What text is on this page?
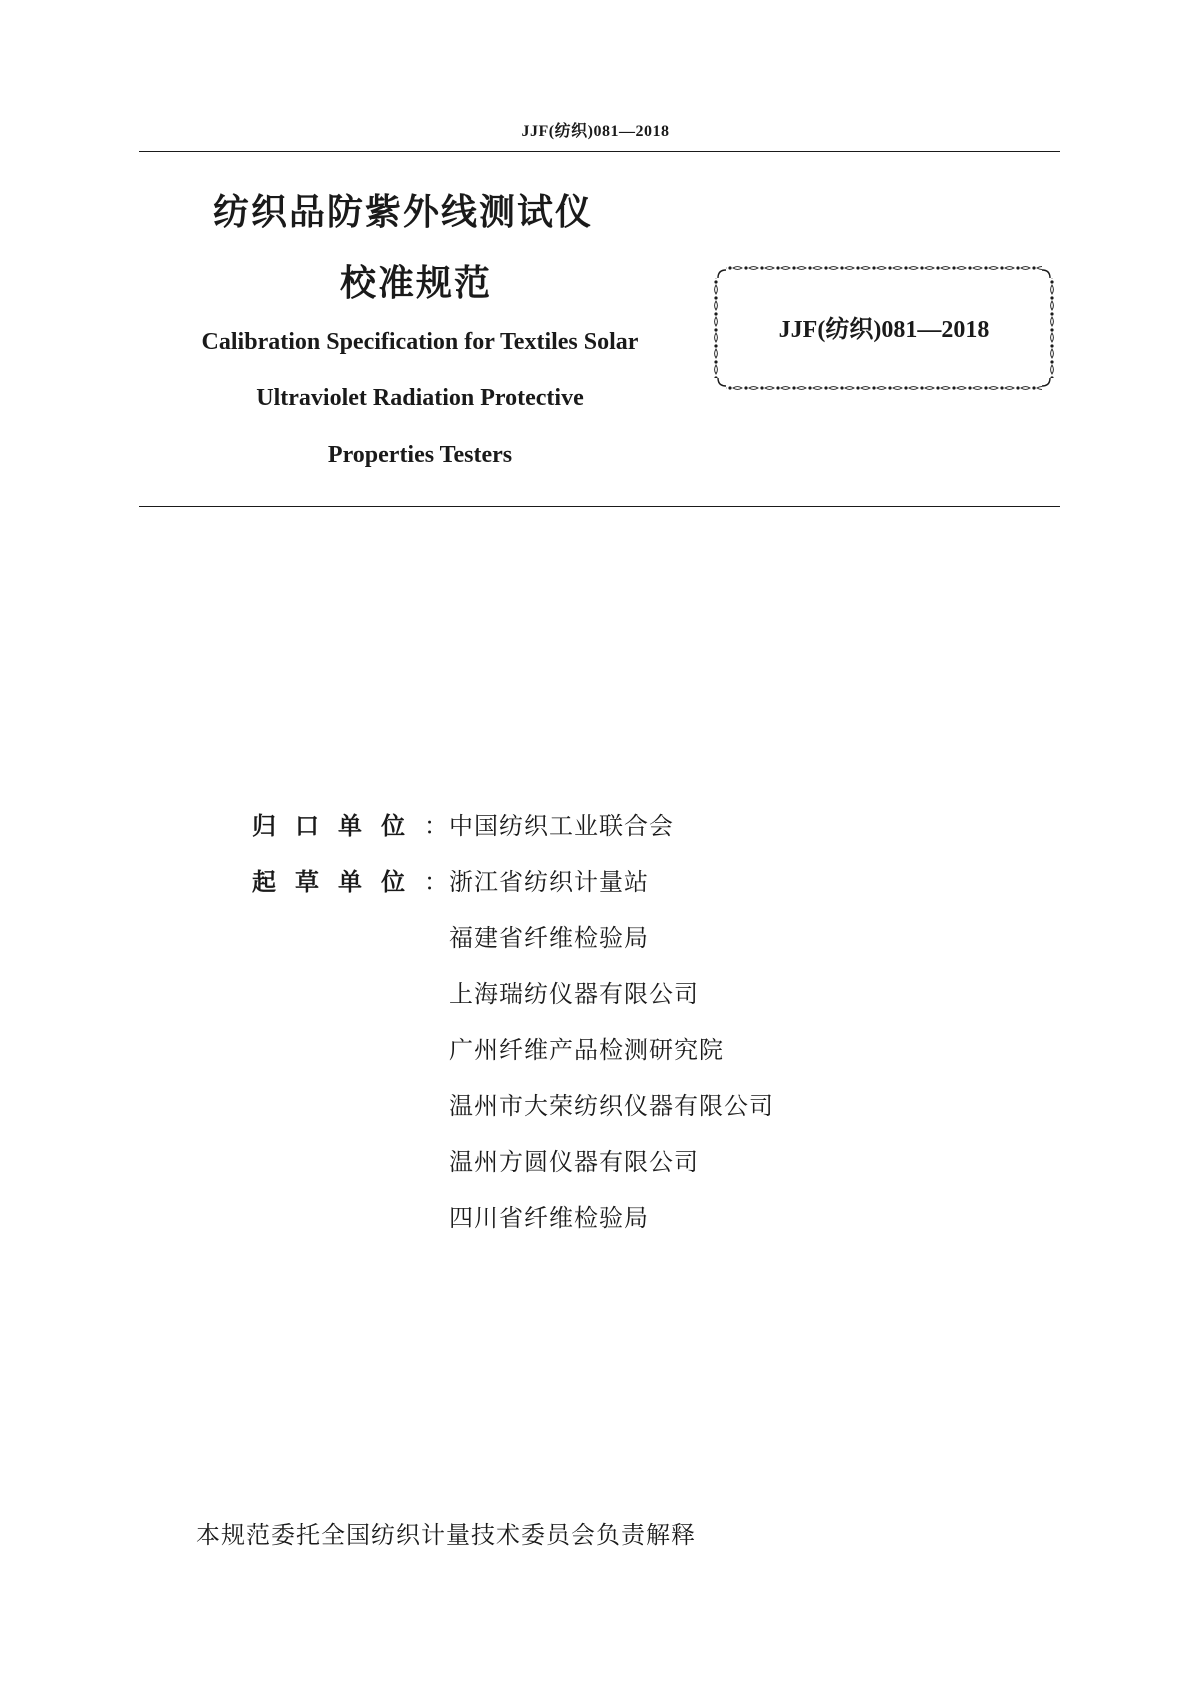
JJF(纺织)081—2018
纺织品防紫外线测试仪
校准规范
Calibration Specification for Textiles Solar
Ultraviolet Radiation Protective
Properties Testers
JJF(纺织)081—2018
归口单位 ： 中国纺织工业联合会
起草单位 ： 浙江省纺织计量站
福建省纤维检验局
上海瑞纺仪器有限公司
广州纤维产品检测研究院
温州市大荣纺织仪器有限公司
温州方圆仪器有限公司
四川省纤维检验局
本规范委托全国纺织计量技术委员会负责解释
